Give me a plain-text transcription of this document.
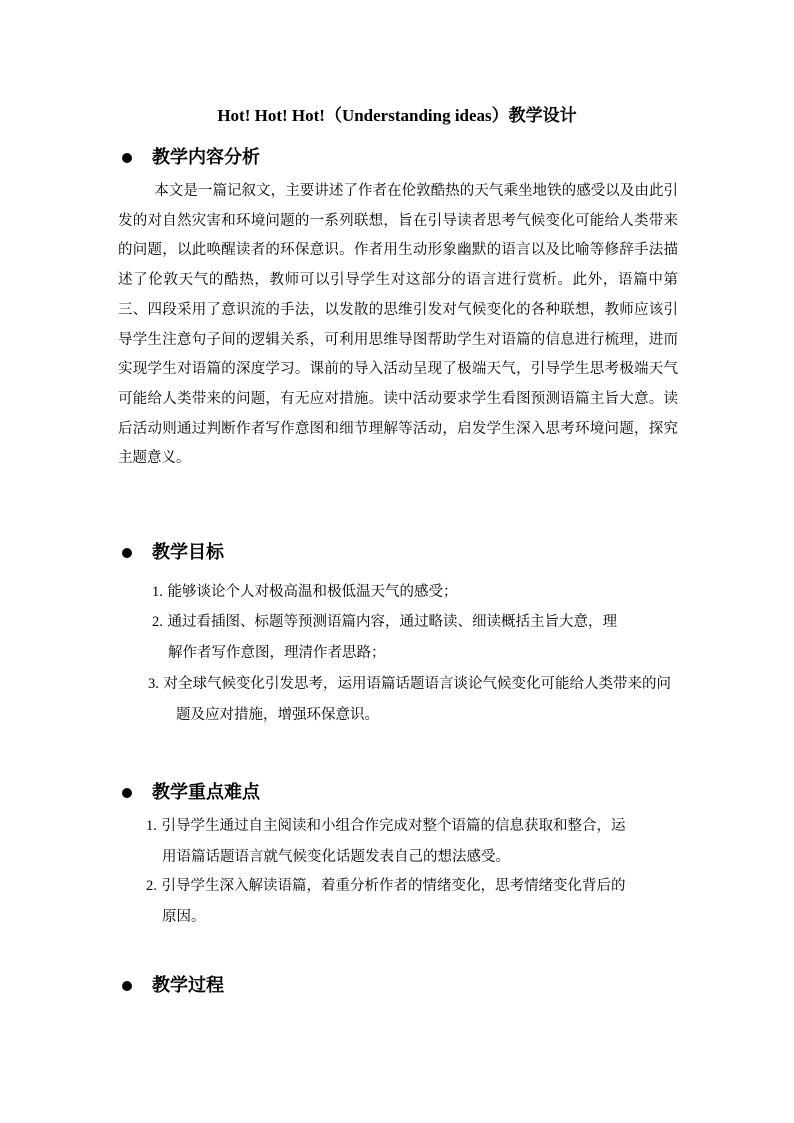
Hot! Hot! Hot!（Understanding ideas）教学设计
教学内容分析

本文是一篇记叙文，主要讲述了作者在伦敦酷热的天气乘坐地铁的感受以及由此引发的对自然灾害和环境问题的一系列联想，旨在引导读者思考气候变化可能给人类带来的问题，以此唤醒读者的环保意识。作者用生动形象幽默的语言以及比喻等修辞手法描述了伦敦天气的酷热，教师可以引导学生对这部分的语言进行赏析。此外，语篇中第三、四段采用了意识流的手法，以发散的思维引发对气候变化的各种联想，教师应该引导学生注意句子间的逻辑关系，可利用思维导图帮助学生对语篇的信息进行梳理，进而实现学生对语篇的深度学习。课前的导入活动呈现了极端天气，引导学生思考极端天气可能给人类带来的问题，有无应对措施。读中活动要求学生看图预测语篇主旨大意。读后活动则通过判断作者写作意图和细节理解等活动，启发学生深入思考环境问题，探究主题意义。

教学目标
1. 能够谈论个人对极高温和极低温天气的感受；
2. 通过看插图、标题等预测语篇内容，通过略读、细读概括主旨大意，理
解作者写作意图，理清作者思路；
3. 对全球气候变化引发思考，运用语篇话题语言谈论气候变化可能给人类带来的问
题及应对措施，增强环保意识。
教学重点难点
1. 引导学生通过自主阅读和小组合作完成对整个语篇的信息获取和整合，运
用语篇话题语言就气候变化话题发表自己的想法感受。
2. 引导学生深入解读语篇，着重分析作者的情绪变化，思考情绪变化背后的
原因。
教学过程
